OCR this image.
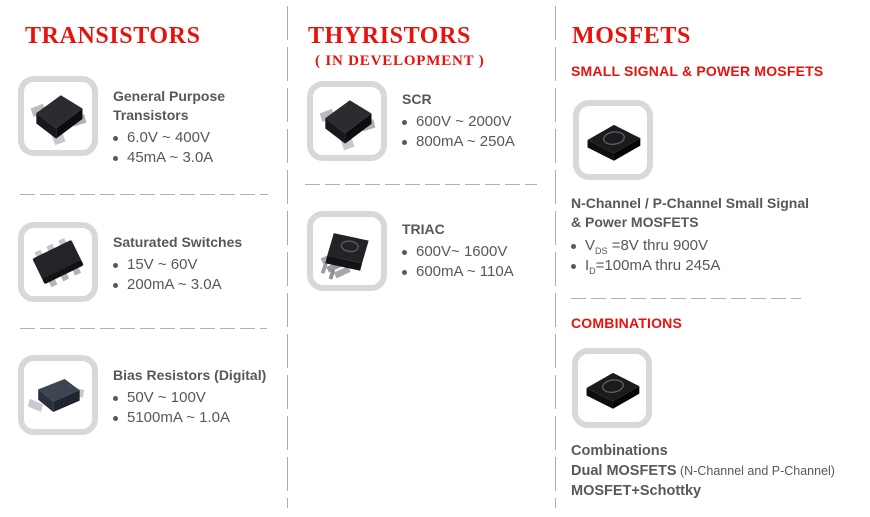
TRANSISTORS
General Purpose
Transistors
6.0V ~ 400V
45mA ~ 3.0A
Saturated Switches
15V ~ 60V
200mA ~ 3.0A
Bias Resistors (Digital)
50V ~ 100V
5100mA ~ 1.0A
THYRISTORS
( IN DEVELOPMENT )
SCR
600V ~ 2000V
800mA ~ 250A
TRIAC
600V~ 1600V
600mA ~ 110A
MOSFETS
SMALL SIGNAL & POWER MOSFETS
N-Channel / P-Channel Small Signal
& Power MOSFETS
$V_{DS} =8V$ thru 900V
$I_D=100mA$ thru 245A
COMBINATIONS
Combinations
Dual MOSFETS (N-Channel and P-Channel)
MOSFET+Schottky
